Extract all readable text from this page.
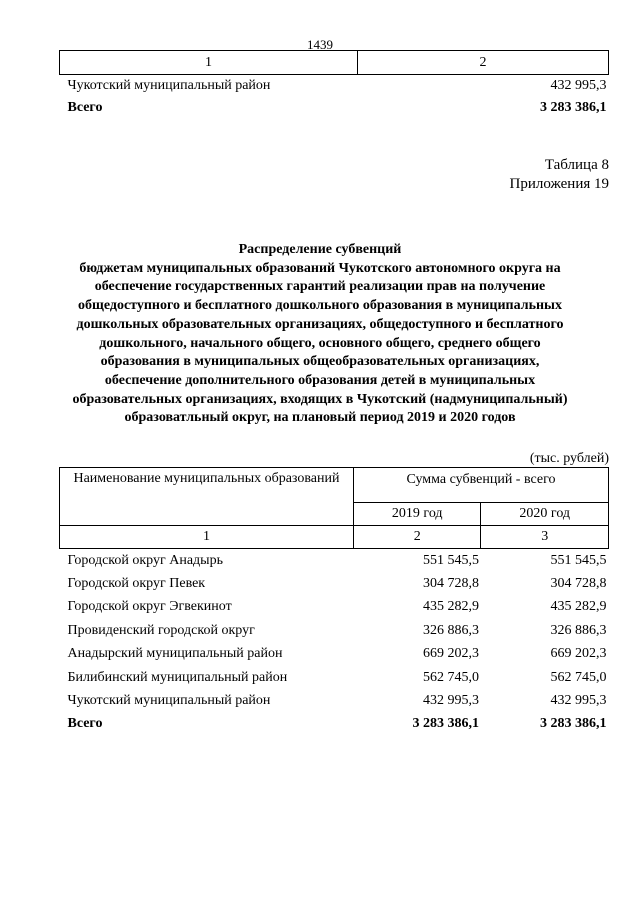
1439
1	2
Чукотский муниципальный район	432 995,3
Всего	3 283 386,1
Таблица 8
Приложения 19
Распределение субвенций
бюджетам муниципальных образований Чукотского автономного округа на
обеспечение государственных гарантий реализации прав на получение
общедоступного и бесплатного дошкольного образования в муниципальных
дошкольных образовательных организациях, общедоступного и бесплатного
дошкольного, начального общего, основного общего, среднего общего
образования в муниципальных общеобразовательных организациях,
обеспечение дополнительного образования детей в муниципальных
образовательных организациях, входящих в Чукотский (надмуниципальный)
образоватльный округ, на плановый период 2019 и 2020 годов
(тыс. рублей)
Наименование муниципальных образований	Сумма субвенций - всего	
	2019 год	2020 год
1	2	3
Городской округ Анадырь	551 545,5	551 545,5
Городской округ Певек	304 728,8	304 728,8
Городской округ Эгвекинот	435 282,9	435 282,9
Провиденский городской округ	326 886,3	326 886,3
Анадырский муниципальный район	669 202,3	669 202,3
Билибинский муниципальный район	562 745,0	562 745,0
Чукотский муниципальный район	432 995,3	432 995,3
Всего	3 283 386,1	3 283 386,1
